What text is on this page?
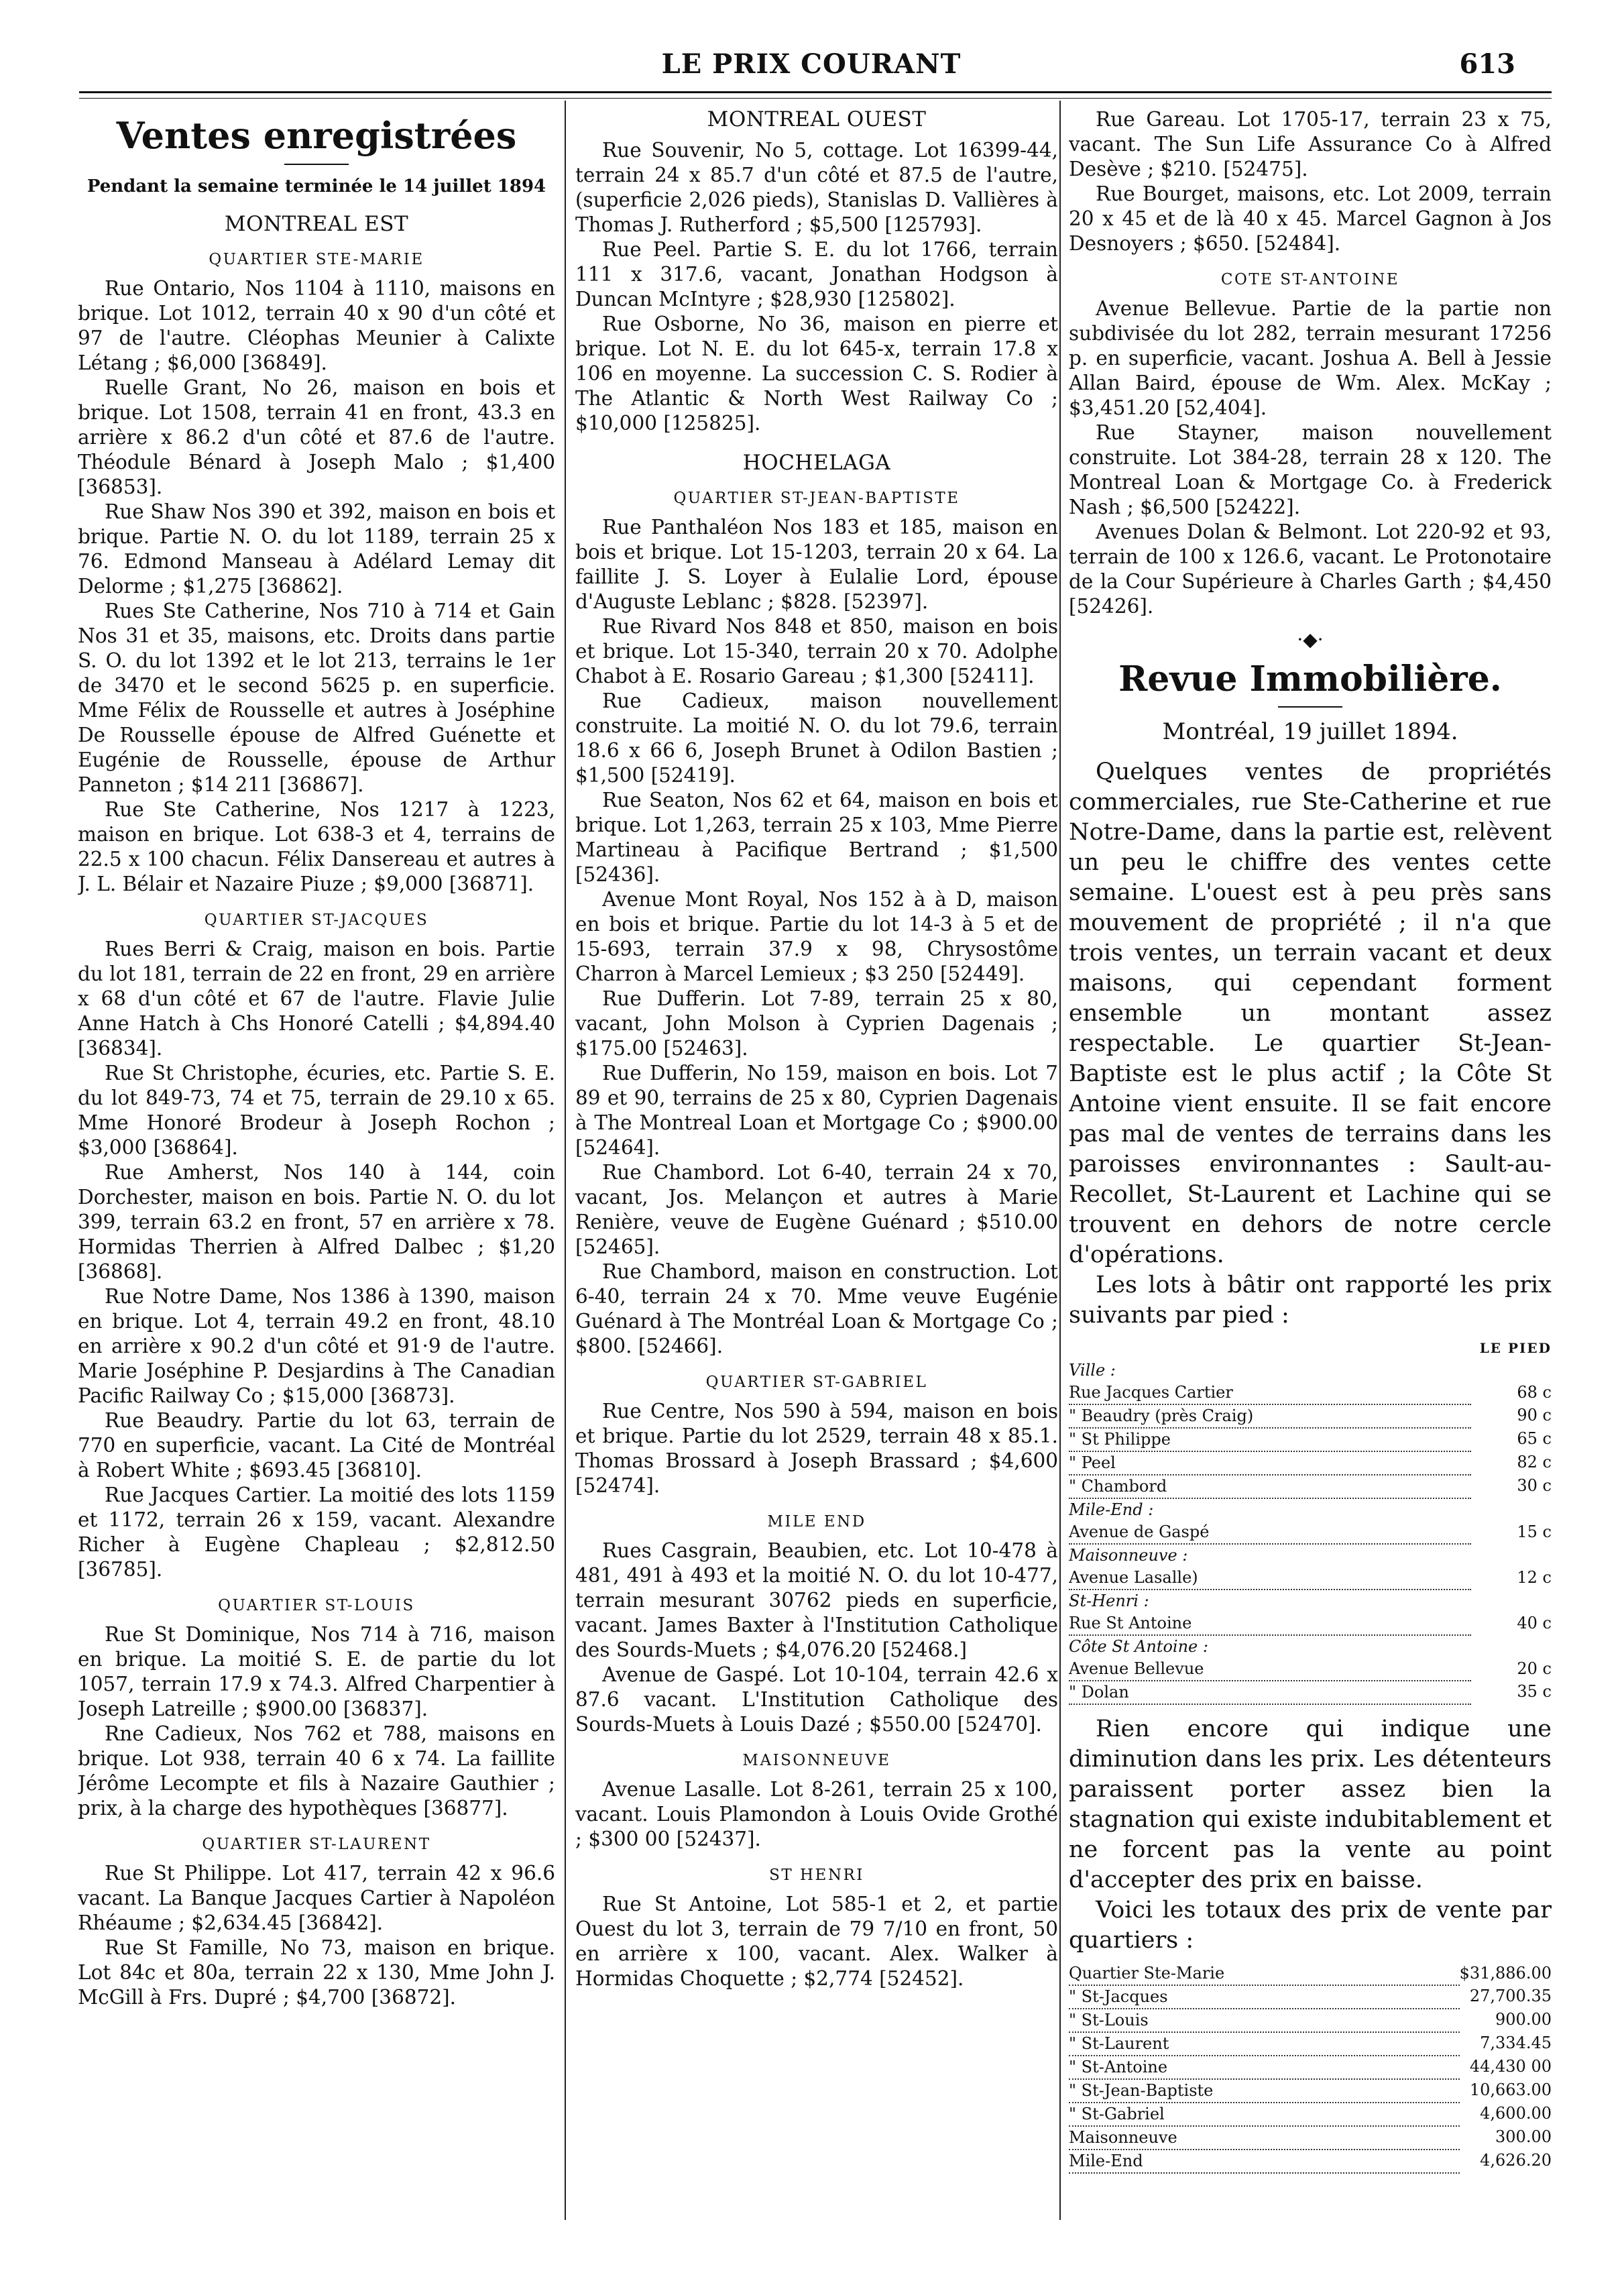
LE PRIX COURANT	613
Ventes enregistrées
Pendant la semaine terminée le 14 juillet 1894
MONTREAL EST
QUARTIER STE-MARIE

Rue Ontario, Nos 1104 à 1110, maisons en brique. Lot 1012, terrain 40 x 90 d'un côté et 97 de l'autre. Cléophas Meunier à Calixte Létang ; $6,000 [36849].

Ruelle Grant, No 26, maison en bois et brique. Lot 1508, terrain 41 en front, 43.3 en arrière x 86.2 d'un côté et 87.6 de l'autre. Théodule Bénard à Joseph Malo ; $1,400 [36853].

Rue Shaw Nos 390 et 392, maison en bois et brique. Partie N. O. du lot 1189, terrain 25 x 76. Edmond Manseau à Adélard Lemay dit Delorme ; $1,275 [36862].

Rues Ste Catherine, Nos 710 à 714 et Gain Nos 31 et 35, maisons, etc. Droits dans partie S. O. du lot 1392 et le lot 213, terrains le 1er de 3470 et le second 5625 p. en superficie. Mme Félix de Rousselle et autres à Joséphine De Rousselle épouse de Alfred Guénette et Eugénie de Rousselle, épouse de Arthur Panneton ; $14 211 [36867].

Rue Ste Catherine, Nos 1217 à 1223, maison en brique. Lot 638-3 et 4, terrains de 22.5 x 100 chacun. Félix Dansereau et autres à J. L. Bélair et Nazaire Piuze ; $9,000 [36871].

QUARTIER ST-JACQUES

Rues Berri & Craig, maison en bois. Partie du lot 181, terrain de 22 en front, 29 en arrière x 68 d'un côté et 67 de l'autre. Flavie Julie Anne Hatch à Chs Honoré Catelli ; $4,894.40 [36834].

Rue St Christophe, écuries, etc. Partie S. E. du lot 849-73, 74 et 75, terrain de 29.10 x 65. Mme Honoré Brodeur à Joseph Rochon ; $3,000 [36864].

Rue Amherst, Nos 140 à 144, coin Dorchester, maison en bois. Partie N. O. du lot 399, terrain 63.2 en front, 57 en arrière x 78. Hormidas Therrien à Alfred Dalbec ; $1,20 [36868].

Rue Notre Dame, Nos 1386 à 1390, maison en brique. Lot 4, terrain 49.2 en front, 48.10 en arrière x 90.2 d'un côté et 91·9 de l'autre. Marie Joséphine P. Desjardins à The Canadian Pacific Railway Co ; $15,000 [36873].

Rue Beaudry. Partie du lot 63, terrain de 770 en superficie, vacant. La Cité de Montréal à Robert White ; $693.45 [36810].

Rue Jacques Cartier. La moitié des lots 1159 et 1172, terrain 26 x 159, vacant. Alexandre Richer à Eugène Chapleau ; $2,812.50 [36785].

QUARTIER ST-LOUIS

Rue St Dominique, Nos 714 à 716, maison en brique. La moitié S. E. de partie du lot 1057, terrain 17.9 x 74.3. Alfred Charpentier à Joseph Latreille ; $900.00 [36837].

Rne Cadieux, Nos 762 et 788, maisons en brique. Lot 938, terrain 40 6 x 74. La faillite Jérôme Lecompte et fils à Nazaire Gauthier ; prix, à la charge des hypothèques [36877].

QUARTIER ST-LAURENT

Rue St Philippe. Lot 417, terrain 42 x 96.6 vacant. La Banque Jacques Cartier à Napoléon Rhéaume ; $2,634.45 [36842].

Rue St Famille, No 73, maison en brique. Lot 84c et 80a, terrain 22 x 130, Mme John J. McGill à Frs. Dupré ; $4,700 [36872].

MONTREAL OUEST

Rue Souvenir, No 5, cottage. Lot 16399-44, terrain 24 x 85.7 d'un côté et 87.5 de l'autre, (superficie 2,026 pieds), Stanislas D. Vallières à Thomas J. Rutherford ; $5,500 [125793].

Rue Peel. Partie S. E. du lot 1766, terrain 111 x 317.6, vacant, Jonathan Hodgson à Duncan McIntyre ; $28,930 [125802].

Rue Osborne, No 36, maison en pierre et brique. Lot N. E. du lot 645-x, terrain 17.8 x 106 en moyenne. La succession C. S. Rodier à The Atlantic & North West Railway Co ; $10,000 [125825].

HOCHELAGA
QUARTIER ST-JEAN-BAPTISTE

Rue Panthaléon Nos 183 et 185, maison en bois et brique. Lot 15-1203, terrain 20 x 64. La faillite J. S. Loyer à Eulalie Lord, épouse d'Auguste Leblanc ; $828. [52397].

Rue Rivard Nos 848 et 850, maison en bois et brique. Lot 15-340, terrain 20 x 70. Adolphe Chabot à E. Rosario Gareau ; $1,300 [52411].

Rue Cadieux, maison nouvellement construite. La moitié N. O. du lot 79.6, terrain 18.6 x 66 6, Joseph Brunet à Odilon Bastien ; $1,500 [52419].

Rue Seaton, Nos 62 et 64, maison en bois et brique. Lot 1,263, terrain 25 x 103, Mme Pierre Martineau à Pacifique Bertrand ; $1,500 [52436].

Avenue Mont Royal, Nos 152 à à D, maison en bois et brique. Partie du lot 14-3 à 5 et de 15-693, terrain 37.9 x 98, Chrysostôme Charron à Marcel Lemieux ; $3 250 [52449].

Rue Dufferin. Lot 7-89, terrain 25 x 80, vacant, John Molson à Cyprien Dagenais ; $175.00 [52463].

Rue Dufferin, No 159, maison en bois. Lot 7 89 et 90, terrains de 25 x 80, Cyprien Dagenais à The Montreal Loan et Mortgage Co ; $900.00 [52464].

Rue Chambord. Lot 6-40, terrain 24 x 70, vacant, Jos. Melançon et autres à Marie Renière, veuve de Eugène Guénard ; $510.00 [52465].

Rue Chambord, maison en construction. Lot 6-40, terrain 24 x 70. Mme veuve Eugénie Guénard à The Montréal Loan & Mortgage Co ; $800. [52466].

QUARTIER ST-GABRIEL

Rue Centre, Nos 590 à 594, maison en bois et brique. Partie du lot 2529, terrain 48 x 85.1. Thomas Brossard à Joseph Brassard ; $4,600 [52474].

MILE END

Rues Casgrain, Beaubien, etc. Lot 10-478 à 481, 491 à 493 et la moitié N. O. du lot 10-477, terrain mesurant 30762 pieds en superficie, vacant. James Baxter à l'Institution Catholique des Sourds-Muets ; $4,076.20 [52468.]

Avenue de Gaspé. Lot 10-104, terrain 42.6 x 87.6 vacant. L'Institution Catholique des Sourds-Muets à Louis Dazé ; $550.00 [52470].

MAISONNEUVE

Avenue Lasalle. Lot 8-261, terrain 25 x 100, vacant. Louis Plamondon à Louis Ovide Grothé ; $300 00 [52437].

ST HENRI

Rue St Antoine, Lot 585-1 et 2, et partie Ouest du lot 3, terrain de 79 7/10 en front, 50 en arrière x 100, vacant. Alex. Walker à Hormidas Choquette ; $2,774 [52452].

Rue Gareau. Lot 1705-17, terrain 23 x 75, vacant. The Sun Life Assurance Co à Alfred Desève ; $210. [52475].

Rue Bourget, maisons, etc. Lot 2009, terrain 20 x 45 et de là 40 x 45. Marcel Gagnon à Jos Desnoyers ; $650. [52484].

COTE ST-ANTOINE

Avenue Bellevue. Partie de la partie non subdivisée du lot 282, terrain mesurant 17256 p. en superficie, vacant. Joshua A. Bell à Jessie Allan Baird, épouse de Wm. Alex. McKay ; $3,451.20 [52,404].

Rue Stayner, maison nouvellement construite. Lot 384-28, terrain 28 x 120. The Montreal Loan & Mortgage Co. à Frederick Nash ; $6,500 [52422].

Avenues Dolan & Belmont. Lot 220-92 et 93, terrain de 100 x 126.6, vacant. Le Protonotaire de la Cour Supérieure à Charles Garth ; $4,450 [52426].

·◆·
Revue Immobilière.
Montréal, 19 juillet 1894.

Quelques ventes de propriétés commerciales, rue Ste-Catherine et rue Notre-Dame, dans la partie est, relèvent un peu le chiffre des ventes cette semaine. L'ouest est à peu près sans mouvement de propriété ; il n'a que trois ventes, un terrain vacant et deux maisons, qui cependant forment ensemble un montant assez respectable. Le quartier St-Jean-Baptiste est le plus actif ; la Côte St Antoine vient ensuite. Il se fait encore pas mal de ventes de terrains dans les paroisses environnantes : Sault-au-Recollet, St-Laurent et Lachine qui se trouvent en dehors de notre cercle d'opérations.

Les lots à bâtir ont rapporté les prix suivants par pied :

	LE PIED
Ville :	
Rue Jacques Cartier	68 c
" Beaudry (près Craig)	90 c
" St Philippe	65 c
" Peel	82 c
" Chambord	30 c
Mile-End :	
Avenue de Gaspé	15 c
Maisonneuve :	
Avenue Lasalle)	12 c
St-Henri :	
Rue St Antoine	40 c
Côte St Antoine :	
Avenue Bellevue	20 c
" Dolan	35 c

Rien encore qui indique une diminution dans les prix. Les détenteurs paraissent porter assez bien la stagnation qui existe indubitablement et ne forcent pas la vente au point d'accepter des prix en baisse.

Voici les totaux des prix de vente par quartiers :

Quartier Ste-Marie	$31,886.00
" St-Jacques	27,700.35
" St-Louis	900.00
" St-Laurent	7,334.45
" St-Antoine	44,430 00
" St-Jean-Baptiste	10,663.00
" St-Gabriel	4,600.00
Maisonneuve	300.00
Mile-End	4,626.20
